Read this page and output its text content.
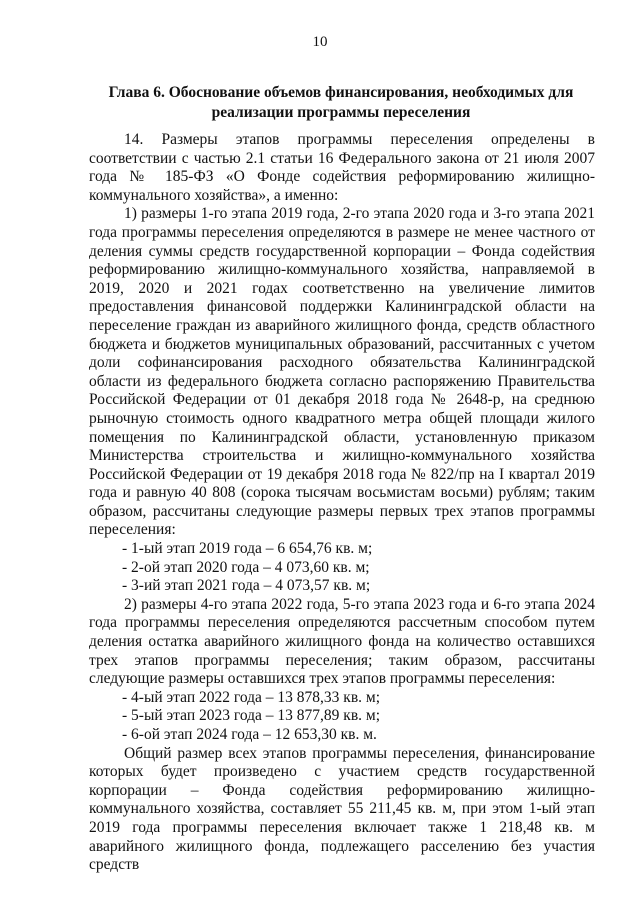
10
Глава 6. Обоснование объемов финансирования, необходимых для реализации программы переселения

14. Размеры этапов программы переселения определены в соответствии с частью 2.1 статьи 16 Федерального закона от 21 июля 2007 года № 185-ФЗ «О Фонде содействия реформированию жилищно-коммунального хозяйства», а именно:

1) размеры 1-го этапа 2019 года, 2-го этапа 2020 года и 3-го этапа 2021 года программы переселения определяются в размере не менее частного от деления суммы средств государственной корпорации – Фонда содействия реформированию жилищно-коммунального хозяйства, направляемой в 2019, 2020 и 2021 годах соответственно на увеличение лимитов предоставления финансовой поддержки Калининградской области на переселение граждан из аварийного жилищного фонда, средств областного бюджета и бюджетов муниципальных образований, рассчитанных с учетом доли софинансирования расходного обязательства Калининградской области из федерального бюджета согласно распоряжению Правительства Российской Федерации от 01 декабря 2018 года № 2648-р, на среднюю рыночную стоимость одного квадратного метра общей площади жилого помещения по Калининградской области, установленную приказом Министерства строительства и жилищно-коммунального хозяйства Российской Федерации от 19 декабря 2018 года № 822/пр на I квартал 2019 года и равную 40 808 (сорока тысячам восьмистам восьми) рублям; таким образом, рассчитаны следующие размеры первых трех этапов программы переселения:

- 1-ый этап 2019 года – 6 654,76 кв. м;

- 2-ой этап 2020 года – 4 073,60 кв. м;

- 3-ий этап 2021 года – 4 073,57 кв. м;

2) размеры 4-го этапа 2022 года, 5-го этапа 2023 года и 6-го этапа 2024 года программы переселения определяются рассчетным способом путем деления остатка аварийного жилищного фонда на количество оставшихся трех этапов программы переселения; таким образом, рассчитаны следующие размеры оставшихся трех этапов программы переселения:

- 4-ый этап 2022 года – 13 878,33 кв. м;

- 5-ый этап 2023 года – 13 877,89 кв. м;

- 6-ой этап 2024 года – 12 653,30 кв. м.

Общий размер всех этапов программы переселения, финансирование которых будет произведено с участием средств государственной корпорации – Фонда содействия реформированию жилищно-коммунального хозяйства, составляет 55 211,45 кв. м, при этом 1-ый этап 2019 года программы переселения включает также 1 218,48 кв. м аварийного жилищного фонда, подлежащего расселению без участия средств
